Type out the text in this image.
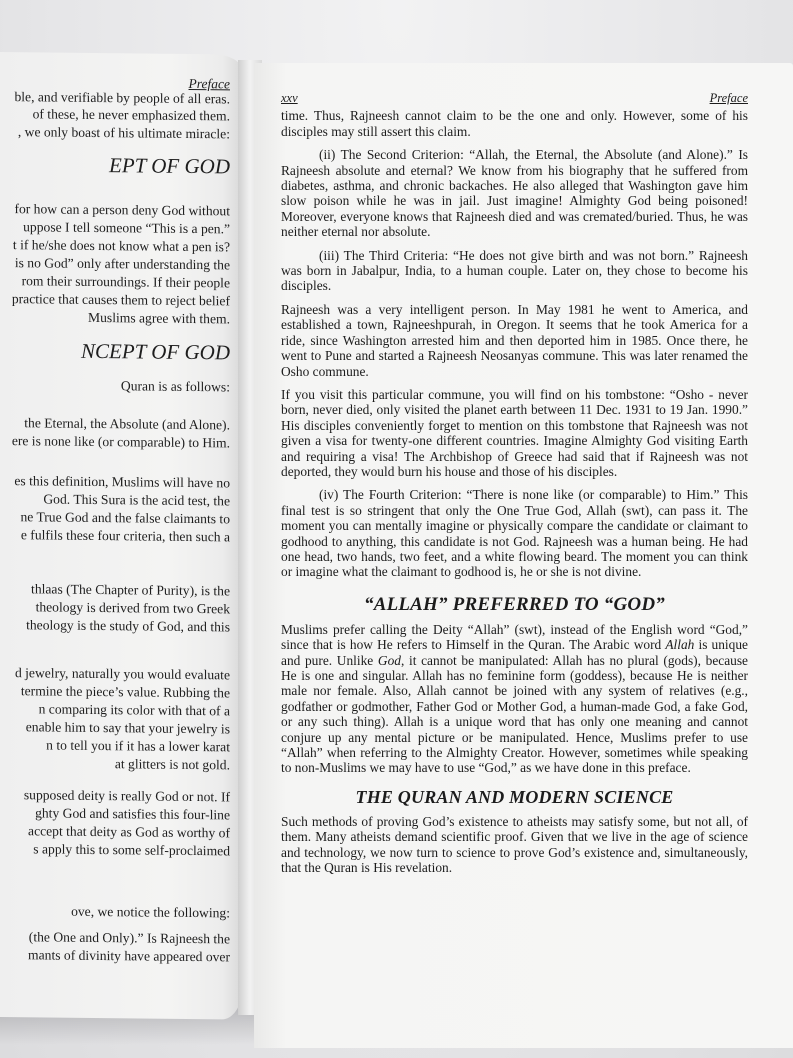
Preface
ble, and verifiable by people of all eras.
of these, he never emphasized them.
, we only boast of his ultimate miracle:
EPT OF GOD
for how can a person deny God without
uppose I tell someone “This is a pen.”
t if he/she does not know what a pen is?
is no God” only after understanding the
rom their surroundings. If their people
practice that causes them to reject belief
Muslims agree with them.
NCEPT OF GOD
Quran is as follows:
the Eternal, the Absolute (and Alone).
ere is none like (or comparable) to Him.
es this definition, Muslims will have no
God. This Sura is the acid test, the
ne True God and the false claimants to
e fulfils these four criteria, then such a
thlaas (The Chapter of Purity), is the
theology is derived from two Greek
theology is the study of God, and this
d jewelry, naturally you would evaluate
termine the piece’s value. Rubbing the
n comparing its color with that of a
enable him to say that your jewelry is
n to tell you if it has a lower karat
at glitters is not gold.
supposed deity is really God or not. If
ghty God and satisfies this four-line
accept that deity as God as worthy of
s apply this to some self-proclaimed
ove, we notice the following:
(the One and Only).” Is Rajneesh the
mants of divinity have appeared over
xxv	Preface

time. Thus, Rajneesh cannot claim to be the one and only. However, some of his disciples may still assert this claim.

(ii) The Second Criterion: “Allah, the Eternal, the Absolute (and Alone).” Is Rajneesh absolute and eternal? We know from his biography that he suffered from diabetes, asthma, and chronic backaches. He also alleged that Washington gave him slow poison while he was in jail. Just imagine! Almighty God being poisoned! Moreover, everyone knows that Rajneesh died and was cremated/buried. Thus, he was neither eternal nor absolute.

(iii) The Third Criteria: “He does not give birth and was not born.” Rajneesh was born in Jabalpur, India, to a human couple. Later on, they chose to become his disciples.

Rajneesh was a very intelligent person. In May 1981 he went to America, and established a town, Rajneeshpurah, in Oregon. It seems that he took America for a ride, since Washington arrested him and then deported him in 1985. Once there, he went to Pune and started a Rajneesh Neosanyas commune. This was later renamed the Osho commune.

If you visit this particular commune, you will find on his tombstone: “Osho - never born, never died, only visited the planet earth between 11 Dec. 1931 to 19 Jan. 1990.” His disciples conveniently forget to mention on this tombstone that Rajneesh was not given a visa for twenty-one different countries. Imagine Almighty God visiting Earth and requiring a visa! The Archbishop of Greece had said that if Rajneesh was not deported, they would burn his house and those of his disciples.

(iv) The Fourth Criterion: “There is none like (or comparable) to Him.” This final test is so stringent that only the One True God, Allah (swt), can pass it. The moment you can mentally imagine or physically compare the candidate or claimant to godhood to anything, this candidate is not God. Rajneesh was a human being. He had one head, two hands, two feet, and a white flowing beard. The moment you can think or imagine what the claimant to godhood is, he or she is not divine.

“ALLAH” PREFERRED TO “GOD”

Muslims prefer calling the Deity “Allah” (swt), instead of the English word “God,” since that is how He refers to Himself in the Quran. The Arabic word Allah is unique and pure. Unlike God, it cannot be manipulated: Allah has no plural (gods), because He is one and singular. Allah has no feminine form (goddess), because He is neither male nor female. Also, Allah cannot be joined with any system of relatives (e.g., godfather or godmother, Father God or Mother God, a human-made God, a fake God, or any such thing). Allah is a unique word that has only one meaning and cannot conjure up any mental picture or be manipulated. Hence, Muslims prefer to use “Allah” when referring to the Almighty Creator. However, sometimes while speaking to non-Muslims we may have to use “God,” as we have done in this preface.

THE QURAN AND MODERN SCIENCE

Such methods of proving God’s existence to atheists may satisfy some, but not all, of them. Many atheists demand scientific proof. Given that we live in the age of science and technology, we now turn to science to prove God’s existence and, simultaneously, that the Quran is His revelation.
